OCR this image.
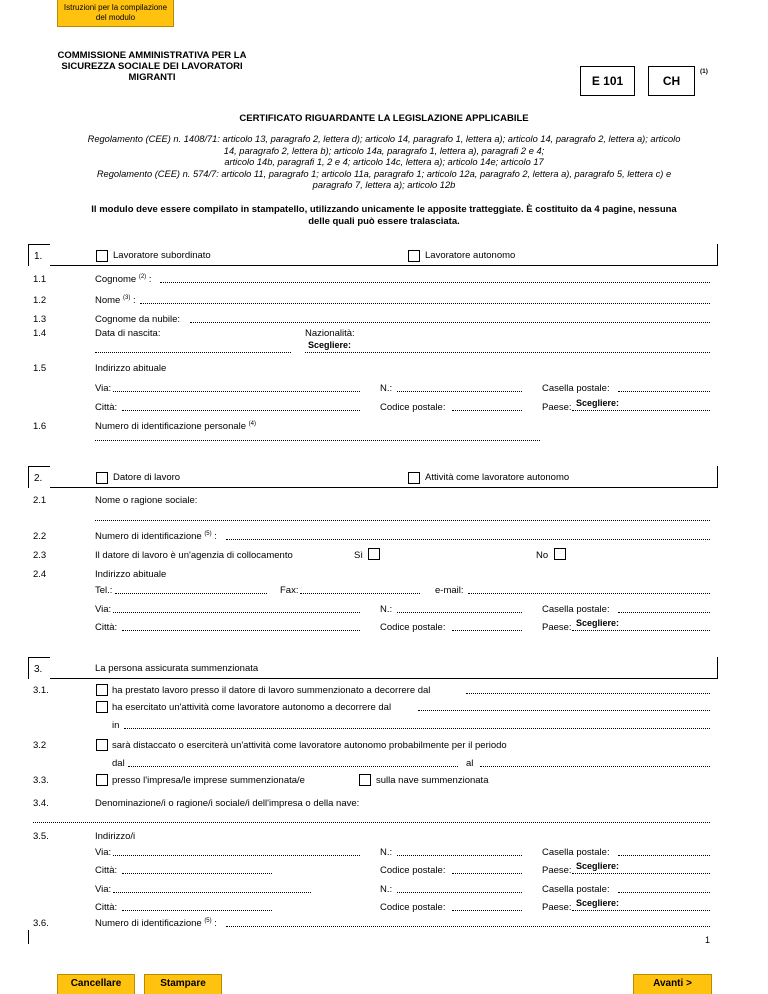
Istruzioni per la compilazione del modulo
COMMISSIONE AMMINISTRATIVA PER LA SICUREZZA SOCIALE DEI LAVORATORI MIGRANTI	E 101	CH
(1)
CERTIFICATO RIGUARDANTE LA LEGISLAZIONE APPLICABILE
Regolamento (CEE) n. 1408/71: articolo 13, paragrafo 2, lettera d); articolo 14, paragrafo 1, lettera a); articolo 14, paragrafo 2, lettera a); articolo
14, paragrafo 2, lettera b); articolo 14a, paragrafo 1, lettera a), paragrafi 2 e 4;
articolo 14b, paragrafi 1, 2 e 4; articolo 14c, lettera a); articolo 14e; articolo 17
Regolamento (CEE) n. 574/7: articolo 11, paragrafo 1; articolo 11a, paragrafo 1; articolo 12a, paragrafo 2, lettera a), paragrafo 5, lettera c) e
paragrafo 7, lettera a); articolo 12b
Il modulo deve essere compilato in stampatello, utilizzando unicamente le apposite tratteggiate. È costituito da 4 pagine, nessuna
delle quali può essere tralasciata.
1.	Lavoratore subordinato	Lavoratore autonomo
1.1	Cognome $^{(2)}$ :
1.2	Nome $^{(3)}$ :
1.3	Cognome da nubile:
1.4	Data di nascita:	Nazionalità:
Scegliere:
1.5	Indirizzo abituale
Via:	N.:	Casella postale:
Città:	Codice postale:	Paese: Scegliere:
1.6	Numero di identificazione personale $^{(4)}$
2.	Datore di lavoro	Attività come lavoratore autonomo
2.1	Nome o ragione sociale:
2.2	Numero di identificazione $^{(5)}$ :
2.3	Il datore di lavoro è un'agenzia di collocamento	Sì	No
2.4	Indirizzo abituale
Tel.:	Fax:	e-mail:
Via:	N.:	Casella postale:
Città:	Codice postale:	Paese: Scegliere:
3.	La persona assicurata summenzionata
3.1.	ha prestato lavoro presso il datore di lavoro summenzionato a decorrere dal
ha esercitato un'attività come lavoratore autonomo a decorrere dal
in
3.2	sarà distaccato o eserciterà un'attività come lavoratore autonomo probabilmente per il periodo
dal	al
3.3.	presso l'impresa/le imprese summenzionata/e	sulla nave summenzionata
3.4.	Denominazione/i o ragione/i sociale/i dell'impresa o della nave:
3.5.	Indirizzo/i
Via:	N.:	Casella postale:
Città:	Codice postale:	Paese: Scegliere:
Via:	N.:	Casella postale:
Città:	Codice postale:	Paese: Scegliere:
3.6.	Numero di identificazione $^{(5)}$ :
1
Cancellare	Stampare	Avanti >
